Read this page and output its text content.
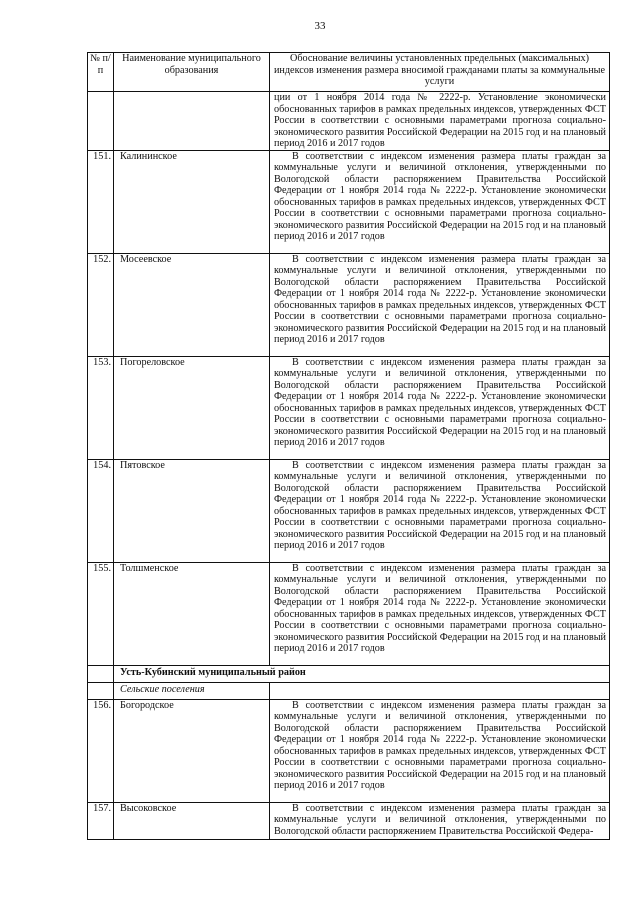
33
№ п/п	Наименование муниципального образования	Обоснование величины установленных предельных (максимальных) индексов изменения размера вносимой гражданами платы за коммунальные услуги

		ции от 1 ноября 2014 года № 2222-р. Установление экономически обоснованных тарифов в рамках предельных индексов, утвержденных ФСТ России в соответствии с основными параметрами прогноза социально-экономического развития Российской Федерации на 2015 год и на плановый период 2016 и 2017 годов

151.	Калининское	В соответствии с индексом изменения размера платы граждан за коммунальные услуги и величиной отклонения, утвержденными по Вологодской области распоряжением Правительства Российской Федерации от 1 ноября 2014 года № 2222-р. Установление экономически обоснованных тарифов в рамках предельных индексов, утвержденных ФСТ России в соответствии с основными параметрами прогноза социально-экономического развития Российской Федерации на 2015 год и на плановый период 2016 и 2017 годов

152.	Мосеевское	В соответствии с индексом изменения размера платы граждан за коммунальные услуги и величиной отклонения, утвержденными по Вологодской области распоряжением Правительства Российской Федерации от 1 ноября 2014 года № 2222-р. Установление экономически обоснованных тарифов в рамках предельных индексов, утвержденных ФСТ России в соответствии с основными параметрами прогноза социально-экономического развития Российской Федерации на 2015 год и на плановый период 2016 и 2017 годов

153.	Погореловское	В соответствии с индексом изменения размера платы граждан за коммунальные услуги и величиной отклонения, утвержденными по Вологодской области распоряжением Правительства Российской Федерации от 1 ноября 2014 года № 2222-р. Установление экономически обоснованных тарифов в рамках предельных индексов, утвержденных ФСТ России в соответствии с основными параметрами прогноза социально-экономического развития Российской Федерации на 2015 год и на плановый период 2016 и 2017 годов

154.	Пятовское	В соответствии с индексом изменения размера платы граждан за коммунальные услуги и величиной отклонения, утвержденными по Вологодской области распоряжением Правительства Российской Федерации от 1 ноября 2014 года № 2222-р. Установление экономически обоснованных тарифов в рамках предельных индексов, утвержденных ФСТ России в соответствии с основными параметрами прогноза социально-экономического развития Российской Федерации на 2015 год и на плановый период 2016 и 2017 годов

155.	Толшменское	В соответствии с индексом изменения размера платы граждан за коммунальные услуги и величиной отклонения, утвержденными по Вологодской области распоряжением Правительства Российской Федерации от 1 ноября 2014 года № 2222-р. Установление экономически обоснованных тарифов в рамках предельных индексов, утвержденных ФСТ России в соответствии с основными параметрами прогноза социально-экономического развития Российской Федерации на 2015 год и на плановый период 2016 и 2017 годов

	Усть-Кубинский муниципальный район	
	Сельские поселения	
156.	Богородское	В соответствии с индексом изменения размера платы граждан за коммунальные услуги и величиной отклонения, утвержденными по Вологодской области распоряжением Правительства Российской Федерации от 1 ноября 2014 года № 2222-р. Установление экономически обоснованных тарифов в рамках предельных индексов, утвержденных ФСТ России в соответствии с основными параметрами прогноза социально-экономического развития Российской Федерации на 2015 год и на плановый период 2016 и 2017 годов

157.	Высоковское	В соответствии с индексом изменения размера платы граждан за коммунальные услуги и величиной отклонения, утвержденными по Вологодской области распоряжением Правительства Российской Федера-
